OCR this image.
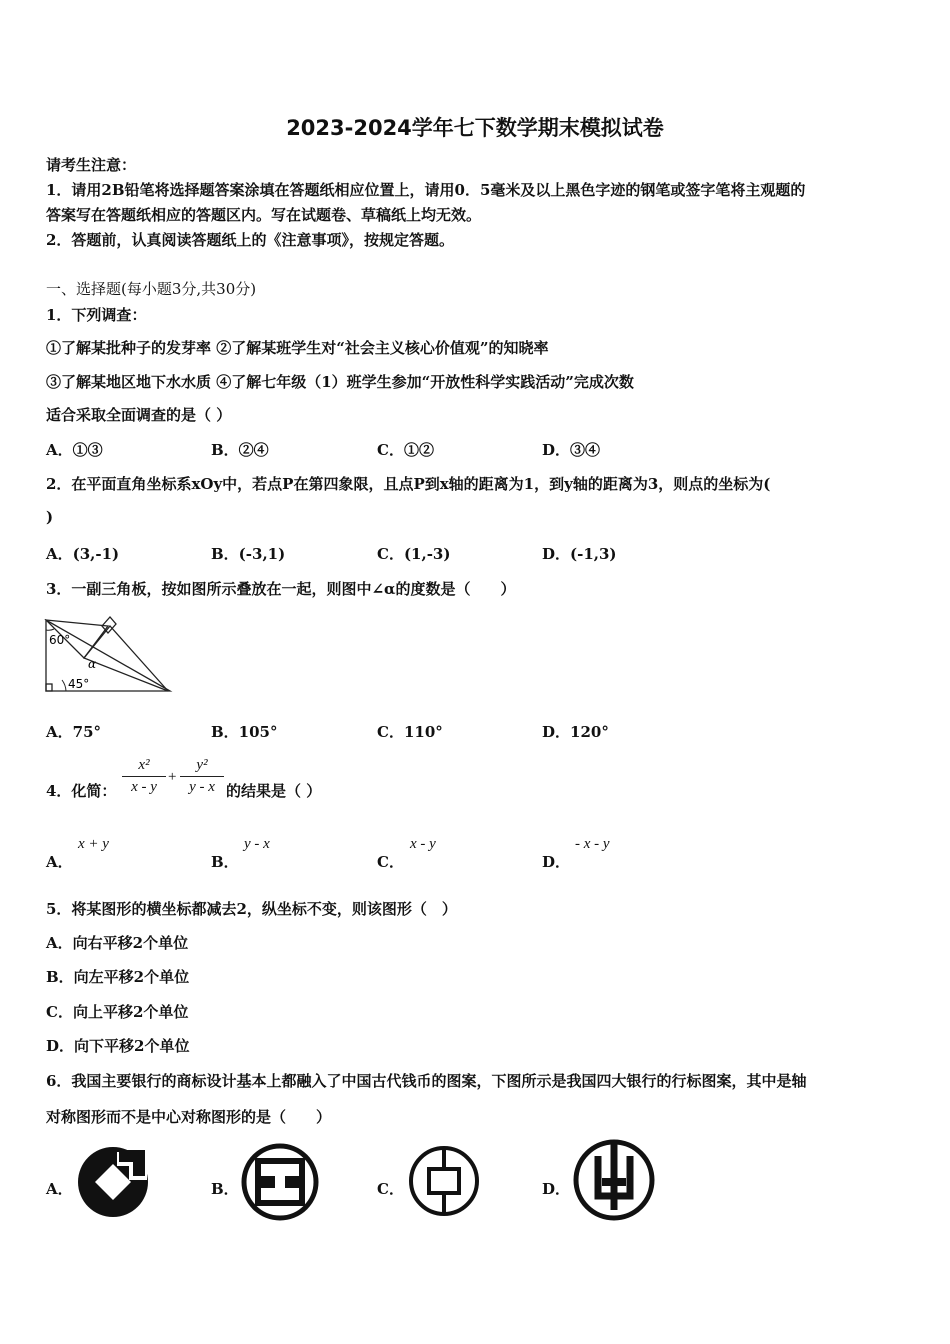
2023-2024学年七下数学期末模拟试卷
请考生注意：
1．请用2B铅笔将选择题答案涂填在答题纸相应位置上，请用0．5毫米及以上黑色字迹的钢笔或签字笔将主观题的
答案写在答题纸相应的答题区内。写在试题卷、草稿纸上均无效。
2．答题前，认真阅读答题纸上的《注意事项》，按规定答题。
一、选择题(每小题3分,共30分)
1．下列调查：
①了解某批种子的发芽率 ②了解某班学生对“社会主义核心价值观”的知晓率
③了解某地区地下水水质 ④了解七年级（1）班学生参加“开放性科学实践活动”完成次数
适合采取全面调查的是（ ）
A．①③	B．②④	C．①②	D．③④
2．在平面直角坐标系xOy中，若点P在第四象限，且点P到x轴的距离为1，到y轴的距离为3，则点的坐标为(
)
A．(3,-1)	B．(-3,1)	C．(1,-3)	D．(-1,3)
3．一副三角板，按如图所示叠放在一起，则图中∠α的度数是（　　）
60°
α
45°
A．75°	B．105°	C．110°	D．120°
4．化简：
x²
x - y
+
y²
y - x 的结果是（ ）
A．
x + y
B．
y - x
C．
x - y
D．
- x - y
5．将某图形的横坐标都减去2，纵坐标不变，则该图形（　）
A．向右平移2个单位
B．向左平移2个单位
C．向上平移2个单位
D．向下平移2个单位
6．我国主要银行的商标设计基本上都融入了中国古代钱币的图案，下图所示是我国四大银行的行标图案，其中是轴
对称图形而不是中心对称图形的是（　　）
A．	B．	C．	D．
